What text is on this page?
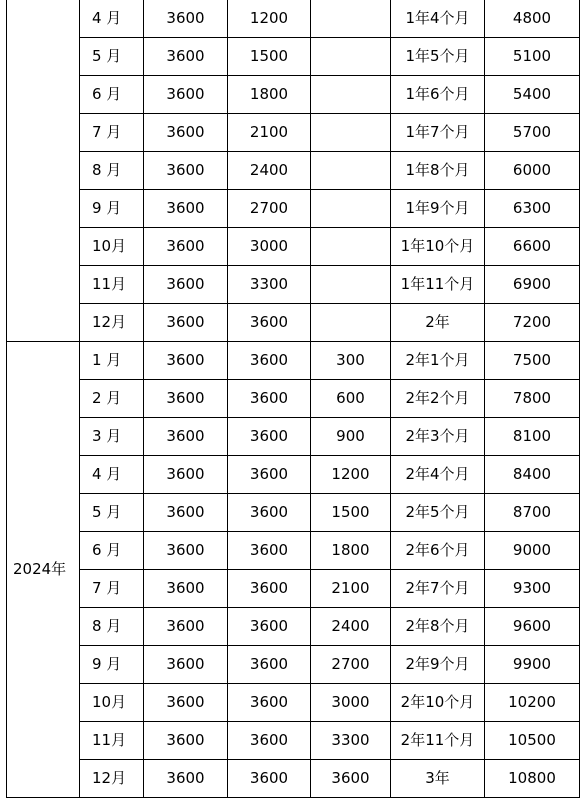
	4 月	3600	1200		1年4个月	4800
	5 月	3600	1500		1年5个月	5100
	6 月	3600	1800		1年6个月	5400
	7 月	3600	2100		1年7个月	5700
	8 月	3600	2400		1年8个月	6000
	9 月	3600	2700		1年9个月	6300
	10月	3600	3000		1年10个月	6600
	11月	3600	3300		1年11个月	6900
	12月	3600	3600		2年	7200
2024年	1 月	3600	3600	300	2年1个月	7500
	2 月	3600	3600	600	2年2个月	7800
	3 月	3600	3600	900	2年3个月	8100
	4 月	3600	3600	1200	2年4个月	8400
	5 月	3600	3600	1500	2年5个月	8700
	6 月	3600	3600	1800	2年6个月	9000
	7 月	3600	3600	2100	2年7个月	9300
	8 月	3600	3600	2400	2年8个月	9600
	9 月	3600	3600	2700	2年9个月	9900
	10月	3600	3600	3000	2年10个月	10200
	11月	3600	3600	3300	2年11个月	10500
	12月	3600	3600	3600	3年	10800
